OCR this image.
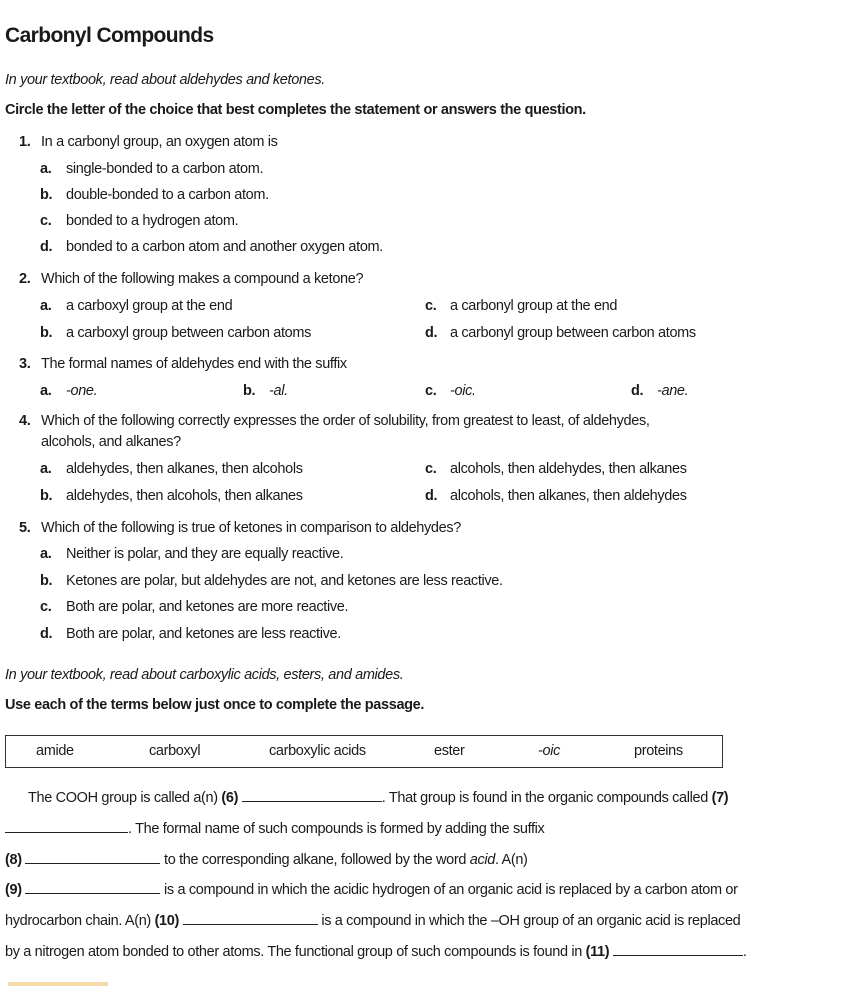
Carbonyl Compounds
In your textbook, read about aldehydes and ketones.
Circle the letter of the choice that best completes the statement or answers the question.
1. In a carbonyl group, an oxygen atom is
a. single-bonded to a carbon atom.
b. double-bonded to a carbon atom.
c. bonded to a hydrogen atom.
d. bonded to a carbon atom and another oxygen atom.
2. Which of the following makes a compound a ketone?
a. a carboxyl group at the end
b. a carboxyl group between carbon atoms
c. a carbonyl group at the end
d. a carbonyl group between carbon atoms
3. The formal names of aldehydes end with the suffix
a. -one.	b. -al.	c. -oic.	d. -ane.
4. Which of the following correctly expresses the order of solubility, from greatest to least, of aldehydes,
alcohols, and alkanes?
a. aldehydes, then alkanes, then alcohols
b. aldehydes, then alcohols, then alkanes
c. alcohols, then aldehydes, then alkanes
d. alcohols, then alkanes, then aldehydes
5. Which of the following is true of ketones in comparison to aldehydes?
a. Neither is polar, and they are equally reactive.
b. Ketones are polar, but aldehydes are not, and ketones are less reactive.
c. Both are polar, and ketones are more reactive.
d. Both are polar, and ketones are less reactive.
In your textbook, read about carboxylic acids, esters, and amides.
Use each of the terms below just once to complete the passage.
amide	carboxyl	carboxylic acids	ester	-oic	proteins
The COOH group is called a(n) (6)	. That group is found in the organic compounds called (7)
. The formal name of such compounds is formed by adding the suffix
(8)	to the corresponding alkane, followed by the word acid. A(n)
(9)	is a compound in which the acidic hydrogen of an organic acid is replaced by a carbon atom or
hydrocarbon chain. A(n) (10)	is a compound in which the –OH group of an organic acid is replaced
by a nitrogen atom bonded to other atoms. The functional group of such compounds is found in (11)	.
